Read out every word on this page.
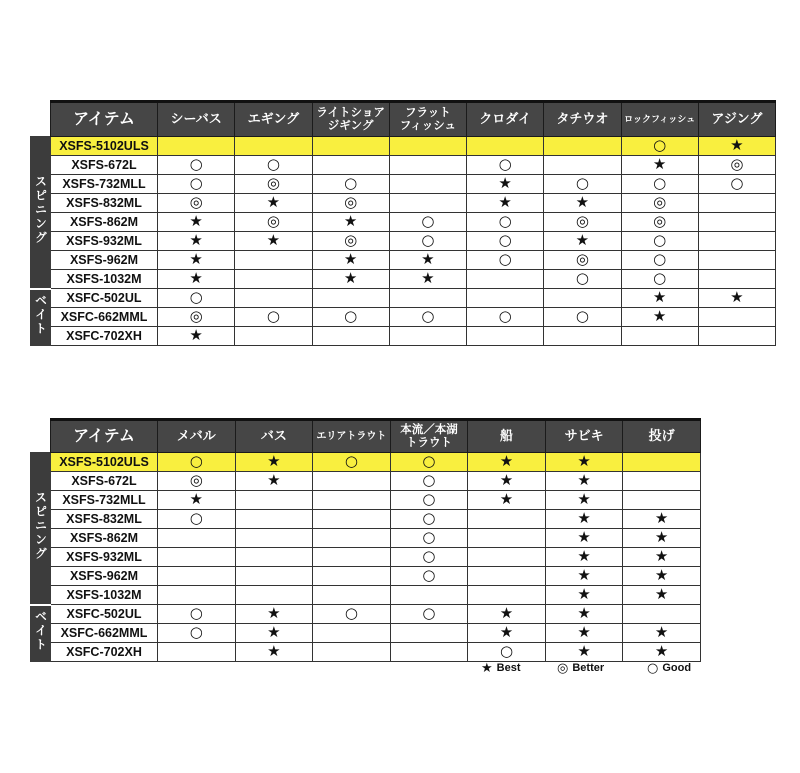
	アイテム	シーバス	エギング	ライトショア
ジギング	フラット
フィッシュ	クロダイ	タチウオ	ロックフィッシュ	アジング

スピニング	XSFS-5102ULS							○	★
	XSFS-672L	○	○			○		★	◎
	XSFS-732MLL	○	◎	○		★	○	○	○
	XSFS-832ML	◎	★	◎		★	★	◎	
	XSFS-862M	★	◎	★	○	○	◎	◎	
	XSFS-932ML	★	★	◎	○	○	★	○	
	XSFS-962M	★		★	★	○	◎	○	
	XSFS-1032M	★		★	★		○	○	
ベイト	XSFC-502UL	○						★	★
	XSFC-662MML	◎	○	○	○	○	○	★	
	XSFC-702XH	★							
	アイテム	メバル	バス	エリアトラウト	本流／本湖
トラウト	船	サビキ	投げ

スピニング	XSFS-5102ULS	○	★	○	○	★	★	
	XSFS-672L	◎	★		○	★	★	
	XSFS-732MLL	★			○	★	★	
	XSFS-832ML	○			○		★	★
	XSFS-862M				○		★	★
	XSFS-932ML				○		★	★
	XSFS-962M				○		★	★
	XSFS-1032M						★	★
ベイト	XSFC-502UL	○	★	○	○	★	★	
	XSFC-662MML	○	★			★	★	★
	XSFC-702XH		★			○	★	★
★ Best	◎ Better	○ Good
